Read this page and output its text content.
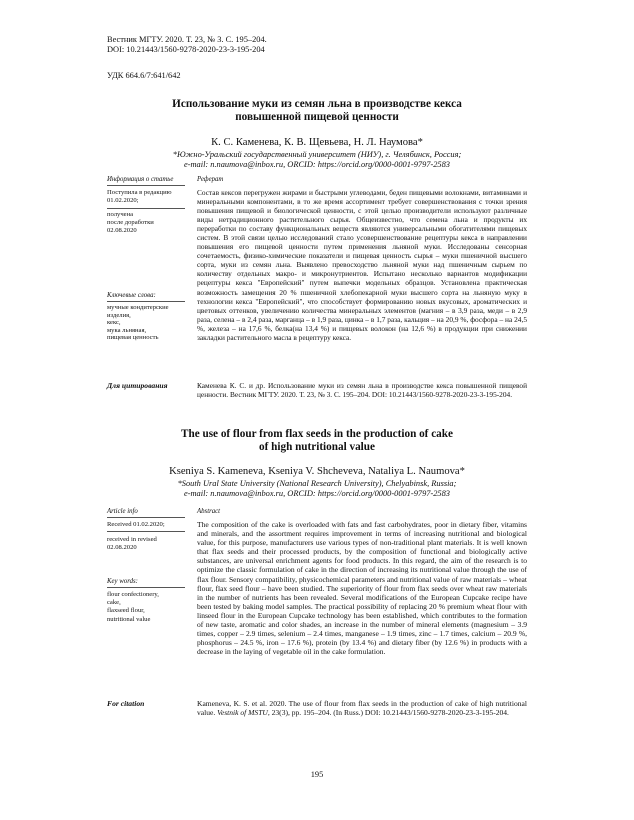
Вестник МГТУ. 2020. Т. 23, № 3. С. 195–204.
DOI: 10.21443/1560-9278-2020-23-3-195-204
УДК 664.6/7:641/642
Использование муки из семян льна в производстве кекса
повышенной пищевой ценности
К. С. Каменева, К. В. Щевьева, Н. Л. Наумова*
*Южно-Уральский государственный университет (НИУ), г. Челябинск, Россия;
e-mail: n.naumova@inbox.ru, ORCID: https://orcid.org/0000-0001-9797-2583
Информация о статье	Реферат
Поступила в редакцию
01.02.2020;
получена
после доработки
02.08.2020
Ключевые слова:
мучные кондитерские
изделия,
кекс,
мука льняная,
пищевая ценность
Состав кексов перегружен жирами и быстрыми углеводами, беден пищевыми волокнами, витаминами и минеральными компонентами, в то же время ассортимент требует совершенствования с точки зрения повышения пищевой и биологической ценности, с этой целью производители используют различные виды нетрадиционного растительного сырья. Общеизвестно, что семена льна и продукты их переработки по составу функциональных веществ являются универсальными обогатителями пищевых систем. В этой связи целью исследований стало усовершенствование рецептуры кекса в направлении повышения его пищевой ценности путем применения льняной муки. Исследованы сенсорная сочетаемость, физико-химические показатели и пищевая ценность сырья – муки пшеничной высшего сорта, муки из семян льна. Выявлено превосходство льняной муки над пшеничным сырьем по количеству отдельных макро- и микронутриентов. Испытано несколько вариантов модификации рецептуры кекса "Европейский" путем выпечки модельных образцов. Установлена практическая возможность замещения 20 % пшеничной хлебопекарной муки высшего сорта на льняную муку в технологии кекса "Европейский", что способствует формированию новых вкусовых, ароматических и цветовых оттенков, увеличению количества минеральных элементов (магния – в 3,9 раза, меди – в 2,9 раза, селена – в 2,4 раза, марганца – в 1,9 раза, цинка – в 1,7 раза, кальция – на 20,9 %, фосфора – на 24,5 %, железа – на 17,6 %, белка(на 13,4 %) и пищевых волокон (на 12,6 %) в продукции при снижении закладки растительного масла в рецептуру кекса.
Для цитирования	Каменева К. С. и др. Использование муки из семян льна в производстве кекса повышенной пищевой ценности. Вестник МГТУ. 2020. Т. 23, № 3. С. 195–204. DOI: 10.21443/1560-9278-2020-23-3-195-204.
The use of flour from flax seeds in the production of cake
of high nutritional value
Kseniya S. Kameneva, Kseniya V. Shcheveva, Nataliya L. Naumova*
*South Ural State University (National Research University), Chelyabinsk, Russia;
e-mail: n.naumova@inbox.ru, ORCID: https://orcid.org/0000-0001-9797-2583
Article info	Abstract
Received 01.02.2020;
received in revised
02.08.2020
Key words:
flour confectionery,
cake,
flaxseed flour,
nutritional value
The composition of the cake is overloaded with fats and fast carbohydrates, poor in dietary fiber, vitamins and minerals, and the assortment requires improvement in terms of increasing nutritional and biological value, for this purpose, manufacturers use various types of non-traditional plant materials. It is well known that flax seeds and their processed products, by the composition of functional and biologically active substances, are universal enrichment agents for food products. In this regard, the aim of the research is to optimize the classic formulation of cake in the direction of increasing its nutritional value through the use of flax flour. Sensory compatibility, physicochemical parameters and nutritional value of raw materials – wheat flour, flax seed flour – have been studied. The superiority of flour from flax seeds over wheat raw materials in the number of nutrients has been revealed. Several modifications of the European Cupcake recipe have been tested by baking model samples. The practical possibility of replacing 20 % premium wheat flour with linseed flour in the European Cupcake technology has been established, which contributes to the formation of new taste, aromatic and color shades, an increase in the number of mineral elements (magnesium – 3.9 times, copper – 2.9 times, selenium – 2.4 times, manganese – 1.9 times, zinc – 1.7 times, calcium – 20.9 %, phosphorus – 24.5 %, iron – 17.6 %), protein (by 13.4 %) and dietary fiber (by 12.6 %) in products with a decrease in the laying of vegetable oil in the cake formulation.
For citation	Kameneva, K. S. et al. 2020. The use of flour from flax seeds in the production of cake of high nutritional value. Vestnik of MSTU, 23(3), pp. 195–204. (In Russ.) DOI: 10.21443/1560-9278-2020-23-3-195-204.
195
